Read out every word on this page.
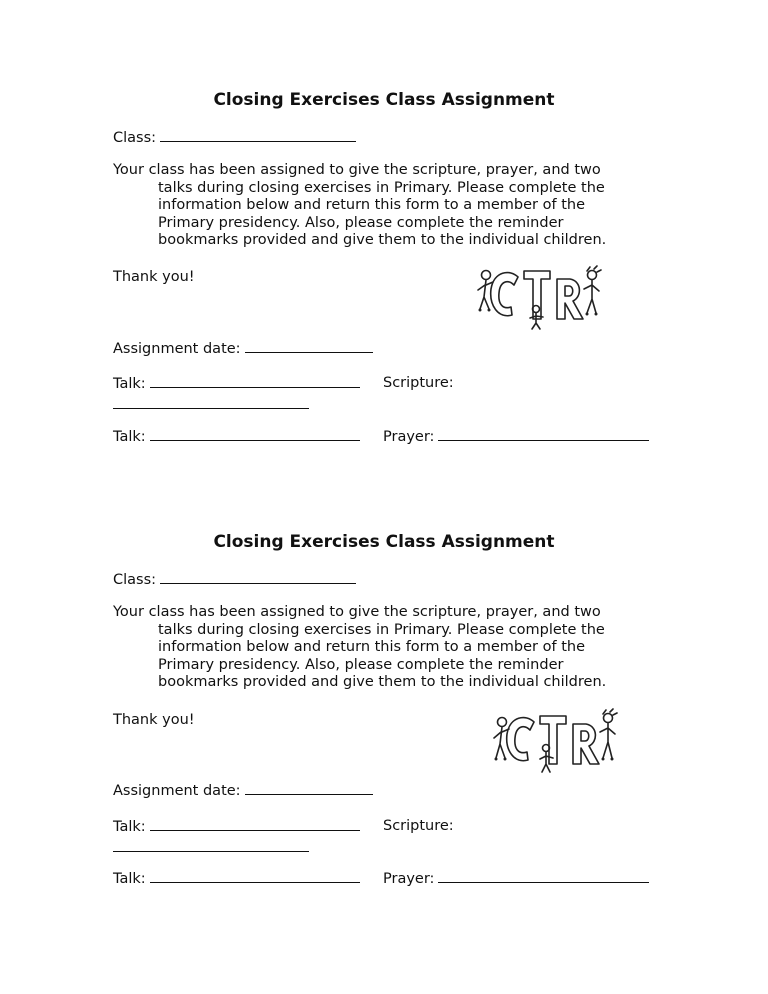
Closing Exercises Class Assignment
Class:
Your class has been assigned to give the scripture, prayer, and two
talks during closing exercises in Primary. Please complete the
information below and return this form to a member of the
Primary presidency. Also, please complete the reminder
bookmarks provided and give them to the individual children.
Thank you!
Assignment date:
Talk:	Scripture:
Talk:	Prayer:
Closing Exercises Class Assignment
Class:
Your class has been assigned to give the scripture, prayer, and two
talks during closing exercises in Primary. Please complete the
information below and return this form to a member of the
Primary presidency. Also, please complete the reminder
bookmarks provided and give them to the individual children.
Thank you!
Assignment date:
Talk:	Scripture:
Talk:	Prayer:
